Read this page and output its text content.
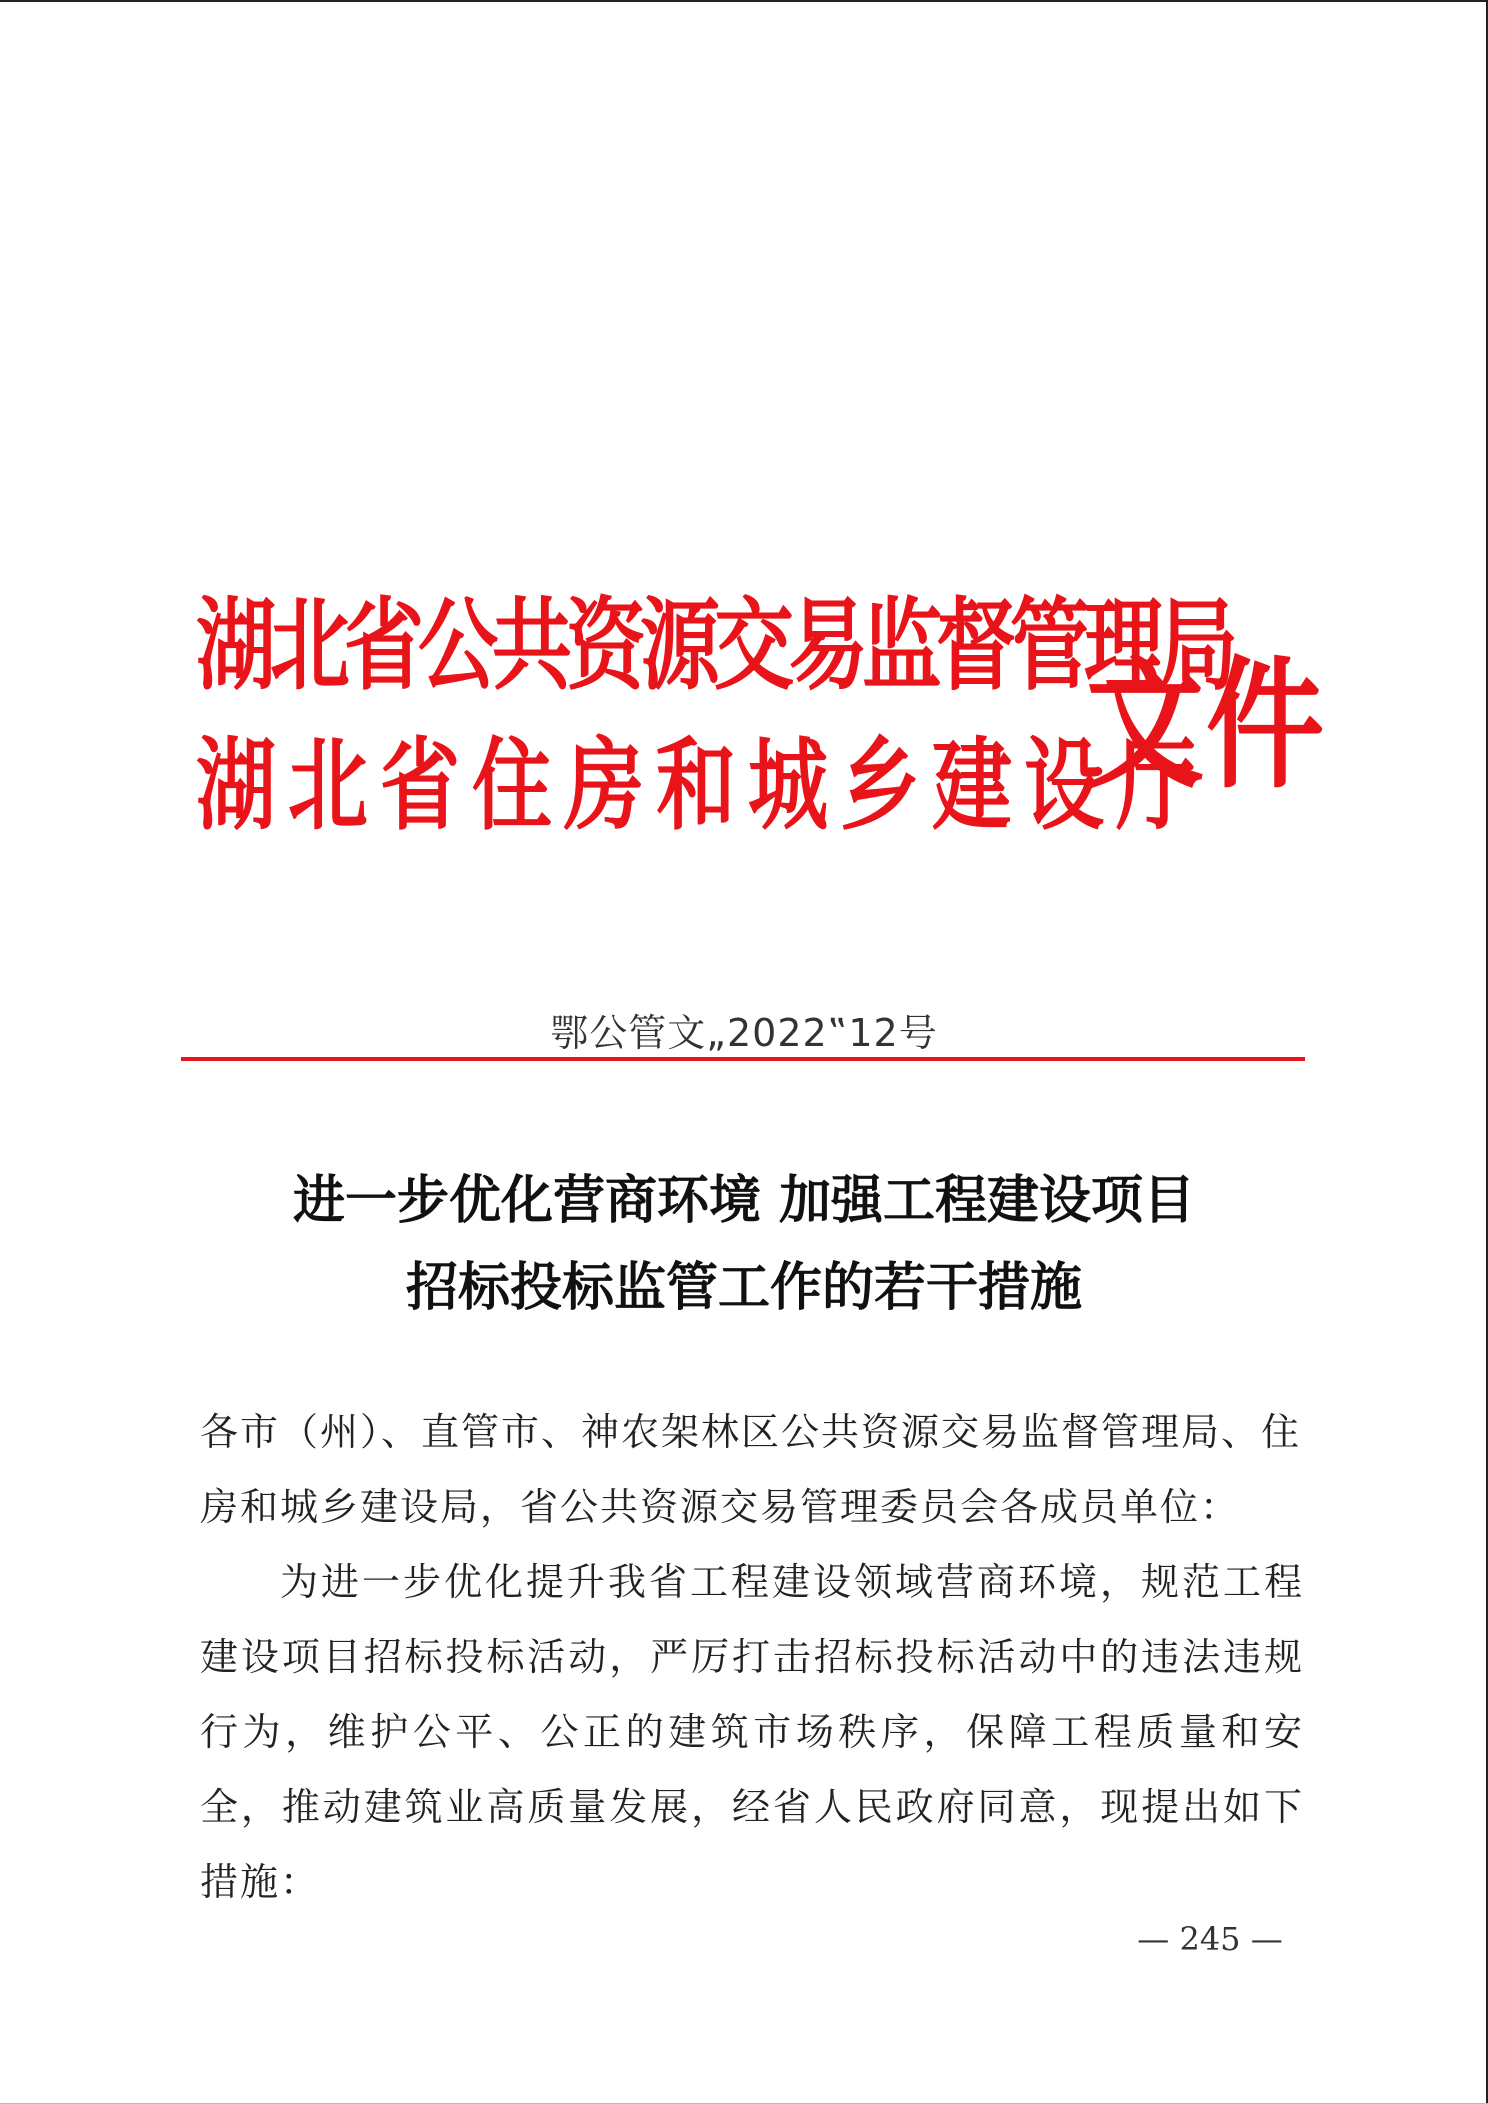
湖北省公共资源交易监督管理局
湖北省住房和城乡建设厅
文件
鄂公管文„2022‟12号
进一步优化营商环境 加强工程建设项目
招标投标监管工作的若干措施
各市（州）、直管市、神农架林区公共资源交易监督管理局、住房和城乡建设局，省公共资源交易管理委员会各成员单位：
为进一步优化提升我省工程建设领域营商环境，规范工程建设项目招标投标活动，严厉打击招标投标活动中的违法违规行为，维护公平、公正的建筑市场秩序，保障工程质量和安全，推动建筑业高质量发展，经省人民政府同意，现提出如下措施：
— 245 —
